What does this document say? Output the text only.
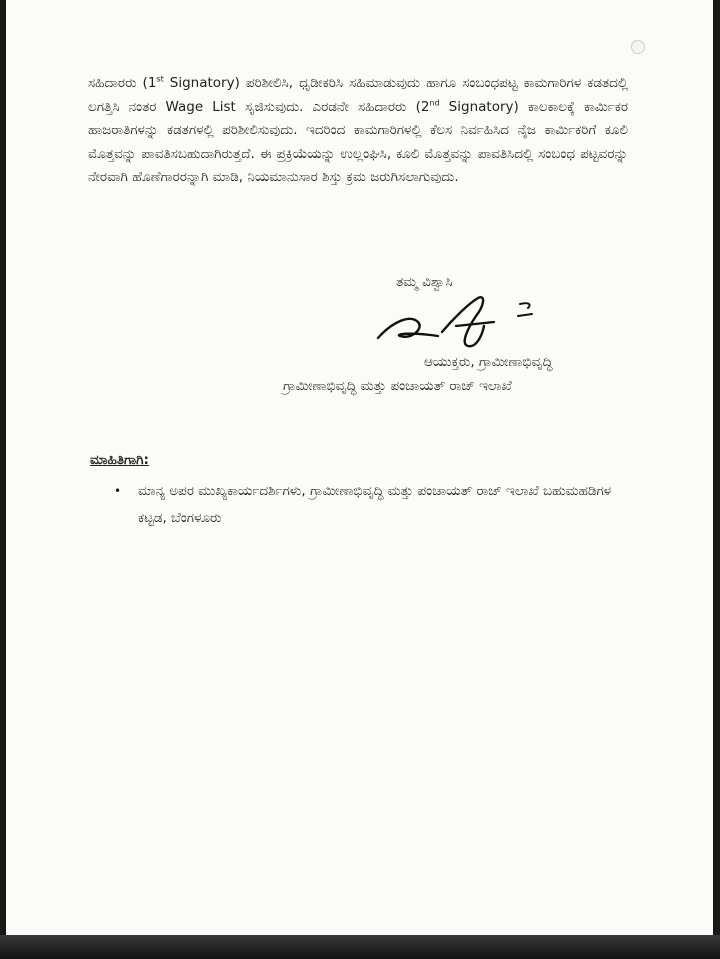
ಸಹಿದಾರರು (1st Signatory) ಪರಿಶೀಲಿಸಿ, ಧೃಡೀಕರಿಸಿ ಸಹಿಮಾಡುವುದು ಹಾಗೂ ಸಂಬಂಧಪಟ್ಟ ಕಾಮಗಾರಿಗಳ ಕಡತದಲ್ಲಿ ಲಗತ್ತಿಸಿ ನಂತರ Wage List ಸೃಜಿಸುವುದು. ಎರಡನೇ ಸಹಿದಾರರು (2nd Signatory) ಕಾಲಕಾಲಕ್ಕೆ ಕಾರ್ಮಿಕರ ಹಾಜರಾತಿಗಳನ್ನು ಕಡತಗಳಲ್ಲಿ ಪರಿಶೀಲಿಸುವುದು. ಇದರಿಂದ ಕಾಮಗಾರಿಗಳಲ್ಲಿ ಕೆಲಸ ನಿರ್ವಹಿಸಿದ ನೈಜ ಕಾರ್ಮಿಕರಿಗೆ ಕೂಲಿ ಮೊತ್ತವನ್ನು ಪಾವತಿಸಬಹುದಾಗಿರುತ್ತದೆ. ಈ ಪ್ರಕ್ರಿಯೆಯನ್ನು ಉಲ್ಲಂಘಿಸಿ, ಕೂಲಿ ಮೊತ್ತವನ್ನು ಪಾವತಿಸಿದಲ್ಲಿ ಸಂಬಂಧ ಪಟ್ಟವರನ್ನು ನೇರವಾಗಿ ಹೊಣೆಗಾರರನ್ನಾಗಿ ಮಾಡಿ, ನಿಯಮಾನುಸಾರ ಶಿಸ್ತು ಕ್ರಮ ಜರುಗಿಸಲಾಗುವುದು.

ತಮ್ಮ ವಿಶ್ವಾಸಿ
ಆಯುಕ್ತರು, ಗ್ರಾಮೀಣಾಭಿವೃದ್ಧಿ
ಗ್ರಾಮೀಣಾಭಿವೃದ್ಧಿ ಮತ್ತು ಪಂಚಾಯತ್ ರಾಜ್ ಇಲಾಖೆ
ಮಾಹಿತಿಗಾಗಿ:
• ಮಾನ್ಯ ಅಪರ ಮುಖ್ಯಕಾರ್ಯದರ್ಶಿಗಳು, ಗ್ರಾಮೀಣಾಭಿವೃದ್ಧಿ ಮತ್ತು ಪಂಚಾಯತ್ ರಾಜ್ ಇಲಾಖೆ ಬಹುಮಹಡಿಗಳ ಕಟ್ಟಡ, ಬೆಂಗಳೂರು
